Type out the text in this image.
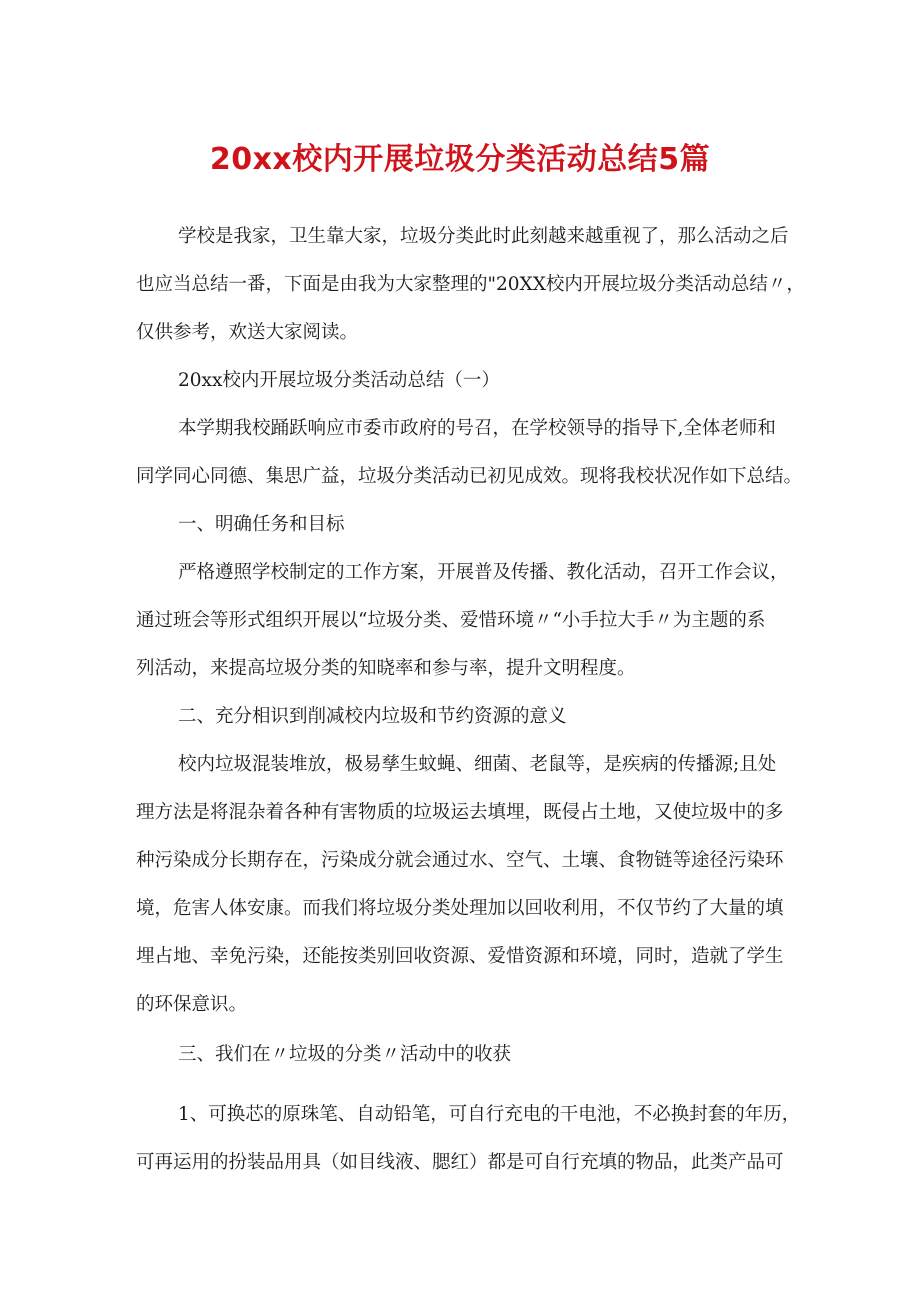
20xx校内开展垃圾分类活动总结5篇

学校是我家，卫生靠大家，垃圾分类此时此刻越来越重视了，那么活动之后

也应当总结一番，下面是由我为大家整理的"20XX校内开展垃圾分类活动总结〃，

仅供参考，欢送大家阅读。

20xx校内开展垃圾分类活动总结（一）

本学期我校踊跃响应市委市政府的号召，在学校领导的指导下,全体老师和

同学同心同德、集思广益，垃圾分类活动已初见成效。现将我校状况作如下总结。

一、明确任务和目标

严格遵照学校制定的工作方案，开展普及传播、教化活动，召开工作会议，

通过班会等形式组织开展以“垃圾分类、爱惜环境〃“小手拉大手〃为主题的系

列活动，来提高垃圾分类的知晓率和参与率，提升文明程度。

二、充分相识到削减校内垃圾和节约资源的意义

校内垃圾混装堆放，极易孳生蚊蝇、细菌、老鼠等，是疾病的传播源;且处

理方法是将混杂着各种有害物质的垃圾运去填埋，既侵占土地，又使垃圾中的多

种污染成分长期存在，污染成分就会通过水、空气、土壤、食物链等途径污染环

境，危害人体安康。而我们将垃圾分类处理加以回收利用，不仅节约了大量的填

埋占地、幸免污染，还能按类别回收资源、爱惜资源和环境，同时，造就了学生

的环保意识。

三、我们在〃垃圾的分类〃活动中的收获

1、可换芯的原珠笔、自动铅笔，可自行充电的干电池，不必换封套的年历，

可再运用的扮装品用具（如目线液、腮红）都是可自行充填的物品，此类产品可
